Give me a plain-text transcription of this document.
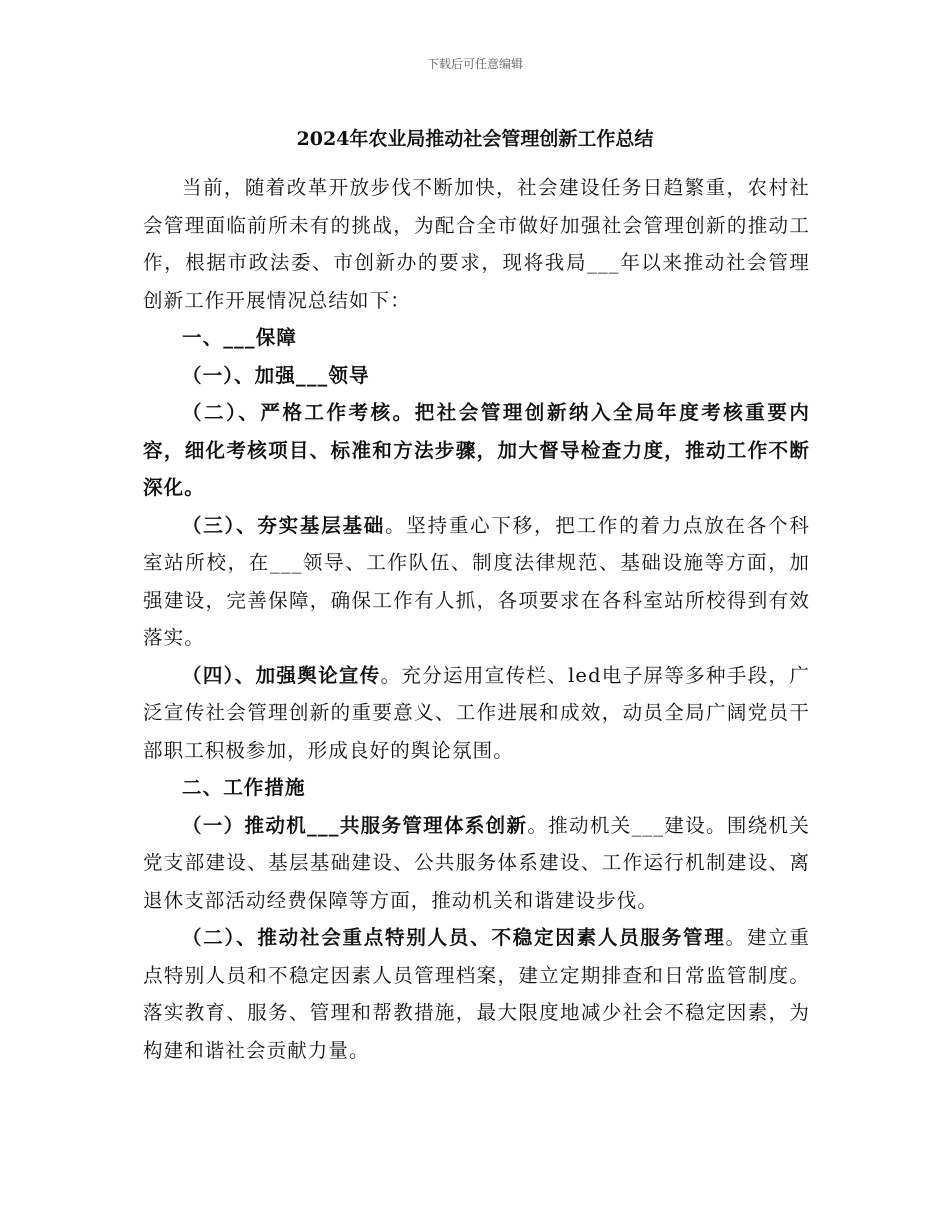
下载后可任意编辑
2024年农业局推动社会管理创新工作总结

当前，随着改革开放步伐不断加快，社会建设任务日趋繁重，农村社会管理面临前所未有的挑战，为配合全市做好加强社会管理创新的推动工作，根据市政法委、市创新办的要求，现将我局___年以来推动社会管理创新工作开展情况总结如下：

一、___保障

（一）、加强___领导

（二）、严格工作考核。把社会管理创新纳入全局年度考核重要内容，细化考核项目、标准和方法步骤，加大督导检查力度，推动工作不断深化。

（三）、夯实基层基础。坚持重心下移，把工作的着力点放在各个科室站所校，在___领导、工作队伍、制度法律规范、基础设施等方面，加强建设，完善保障，确保工作有人抓，各项要求在各科室站所校得到有效落实。

（四）、加强舆论宣传。充分运用宣传栏、led电子屏等多种手段，广泛宣传社会管理创新的重要意义、工作进展和成效，动员全局广阔党员干部职工积极参加，形成良好的舆论氛围。

二、工作措施

（一）推动机___共服务管理体系创新。推动机关___建设。围绕机关党支部建设、基层基础建设、公共服务体系建设、工作运行机制建设、离退休支部活动经费保障等方面，推动机关和谐建设步伐。

（二）、推动社会重点特别人员、不稳定因素人员服务管理。建立重点特别人员和不稳定因素人员管理档案，建立定期排查和日常监管制度。落实教育、服务、管理和帮教措施，最大限度地减少社会不稳定因素，为构建和谐社会贡献力量。
